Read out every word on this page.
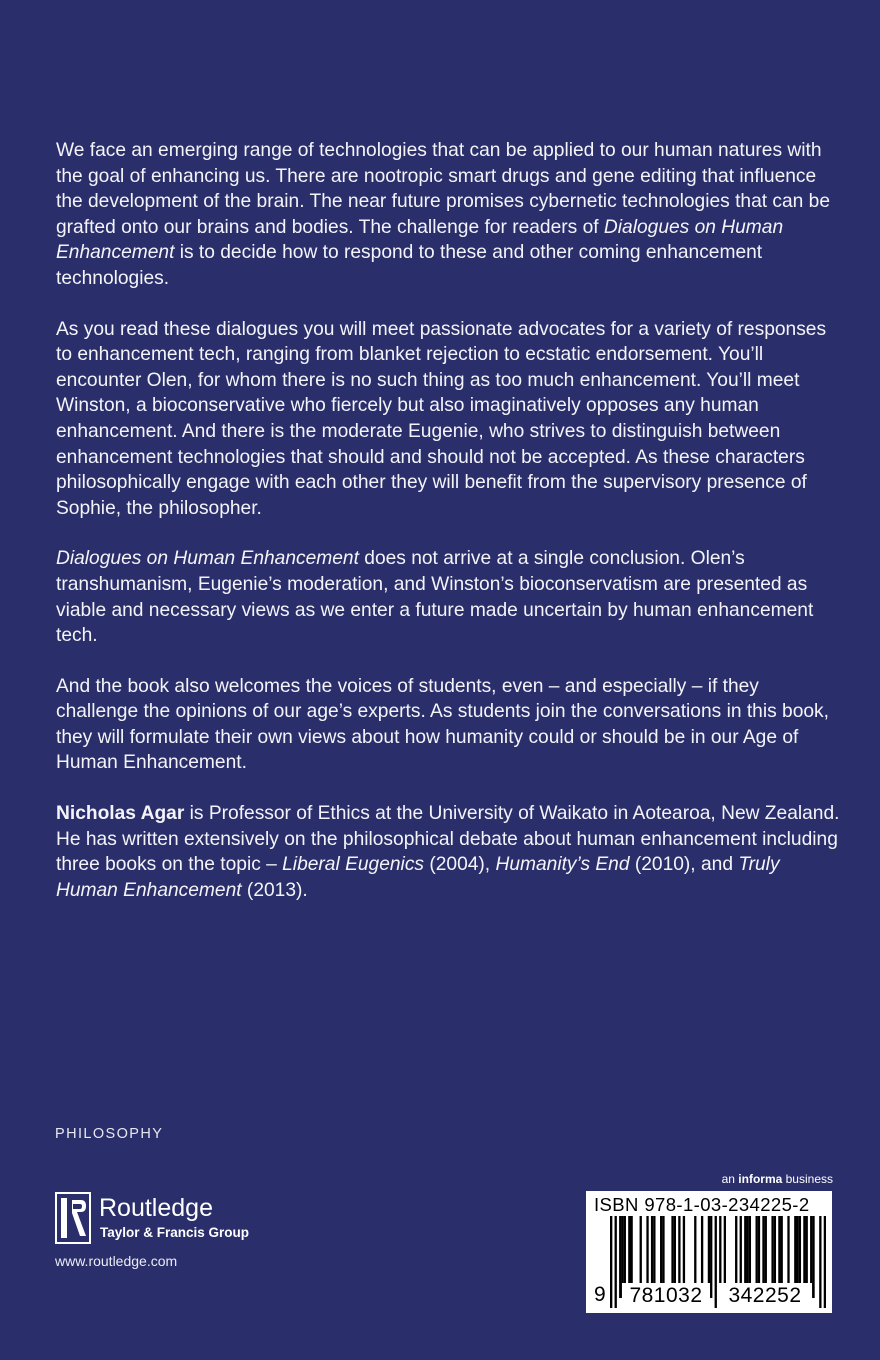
We face an emerging range of technologies that can be applied to our human natures with the goal of enhancing us. There are nootropic smart drugs and gene editing that influence the development of the brain. The near future promises cybernetic technologies that can be grafted onto our brains and bodies. The challenge for readers of Dialogues on Human Enhancement is to decide how to respond to these and other coming enhancement technologies.

As you read these dialogues you will meet passionate advocates for a variety of responses to enhancement tech, ranging from blanket rejection to ecstatic endorsement. You’ll encounter Olen, for whom there is no such thing as too much enhancement. You’ll meet Winston, a bioconservative who fiercely but also imaginatively opposes any human enhancement. And there is the moderate Eugenie, who strives to distinguish between enhancement technologies that should and should not be accepted. As these characters philosophically engage with each other they will benefit from the supervisory presence of Sophie, the philosopher.

Dialogues on Human Enhancement does not arrive at a single conclusion. Olen’s transhumanism, Eugenie’s moderation, and Winston’s bioconservatism are presented as viable and necessary views as we enter a future made uncertain by human enhancement tech.

And the book also welcomes the voices of students, even – and especially – if they challenge the opinions of our age’s experts. As students join the conversations in this book, they will formulate their own views about how humanity could or should be in our Age of Human Enhancement.

Nicholas Agar is Professor of Ethics at the University of Waikato in Aotearoa, New Zealand. He has written extensively on the philosophical debate about human enhancement including three books on the topic – Liberal Eugenics (2004), Humanity’s End (2010), and Truly Human Enhancement (2013).

PHILOSOPHY
Routledge
Taylor & Francis Group
www.routledge.com
an informa business
ISBN 978-1-03-234225-2
9	781032	342252
